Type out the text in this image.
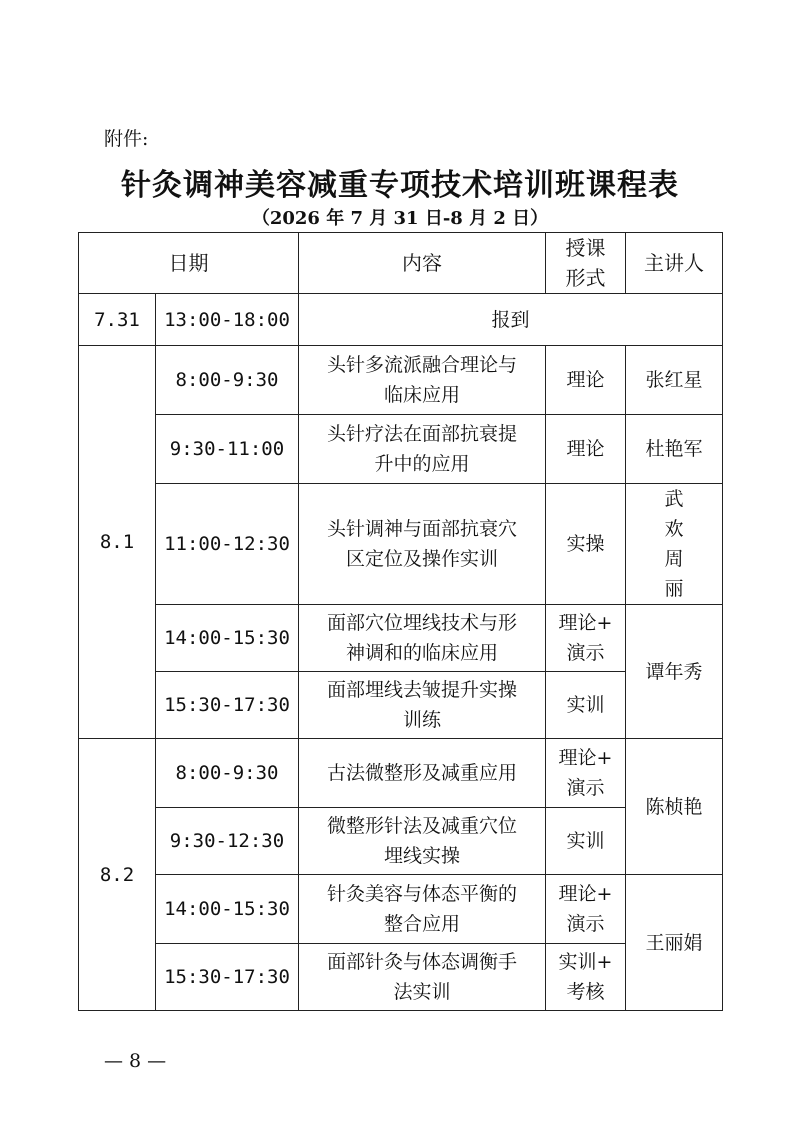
附件:
针灸调神美容减重专项技术培训班课程表
（2026 年 7 月 31 日-8 月 2 日）
日期		内容	授课
形式	主讲人
7.31	13:00-18:00	报到		
8.1	8:00-9:30	头针多流派融合理论与
临床应用	理论	张红星
	9:30-11:00	头针疗法在面部抗衰提
升中的应用	理论	杜艳军
	11:00-12:30	头针调神与面部抗衰穴
区定位及操作实训	实操	武欢
周丽

	14:00-15:30	面部穴位埋线技术与形
神调和的临床应用	理论+
演示	谭年秀
	15:30-17:30	面部埋线去皱提升实操
训练	实训	

8.2	8:00-9:30	古法微整形及减重应用	理论+
演示	陈桢艳
	9:30-12:30	微整形针法及减重穴位
埋线实操	实训	

	14:00-15:30	针灸美容与体态平衡的
整合应用	理论+
演示	王丽娟
	15:30-17:30	面部针灸与体态调衡手
法实训	实训+
考核	
— 8 —
